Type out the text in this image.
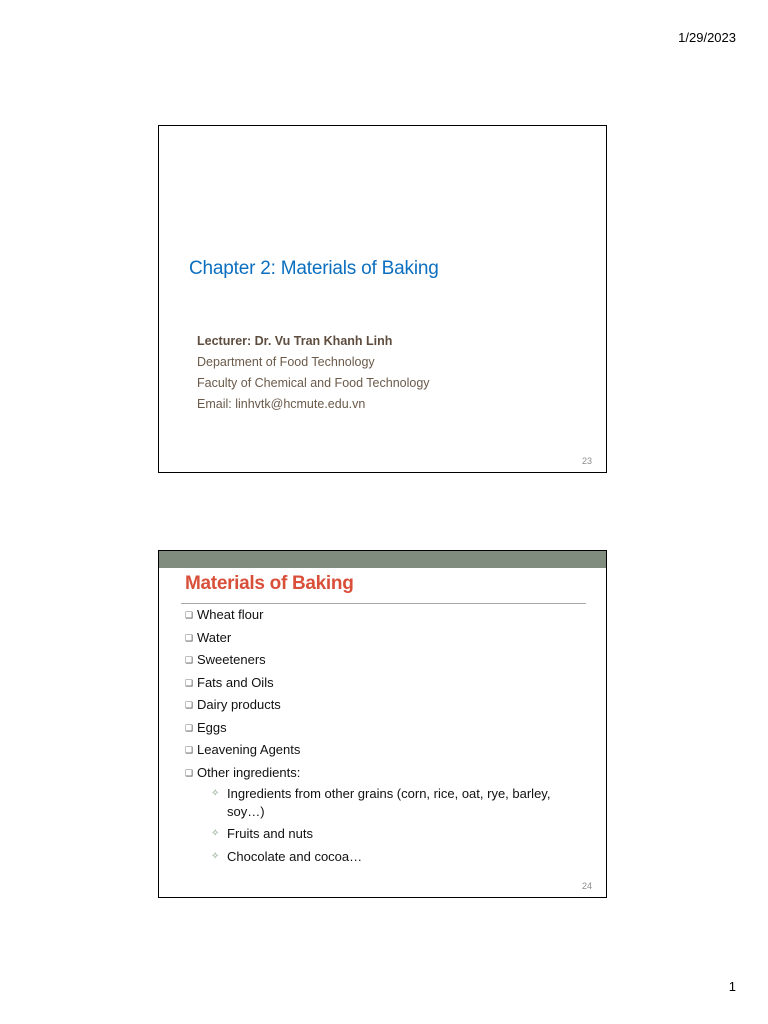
1/29/2023
Chapter 2: Materials of Baking
Lecturer: Dr. Vu Tran Khanh Linh
Department of Food Technology
Faculty of Chemical and Food Technology
Email: linhvtk@hcmute.edu.vn
23
Materials of Baking
❑ Wheat flour
❑ Water
❑ Sweeteners
❑ Fats and Oils
❑ Dairy products
❑ Eggs
❑ Leavening Agents
❑ Other ingredients:
✧ Ingredients from other grains (corn, rice, oat, rye, barley, soy…)
✧ Fruits and nuts
✧ Chocolate and cocoa…
24
1
